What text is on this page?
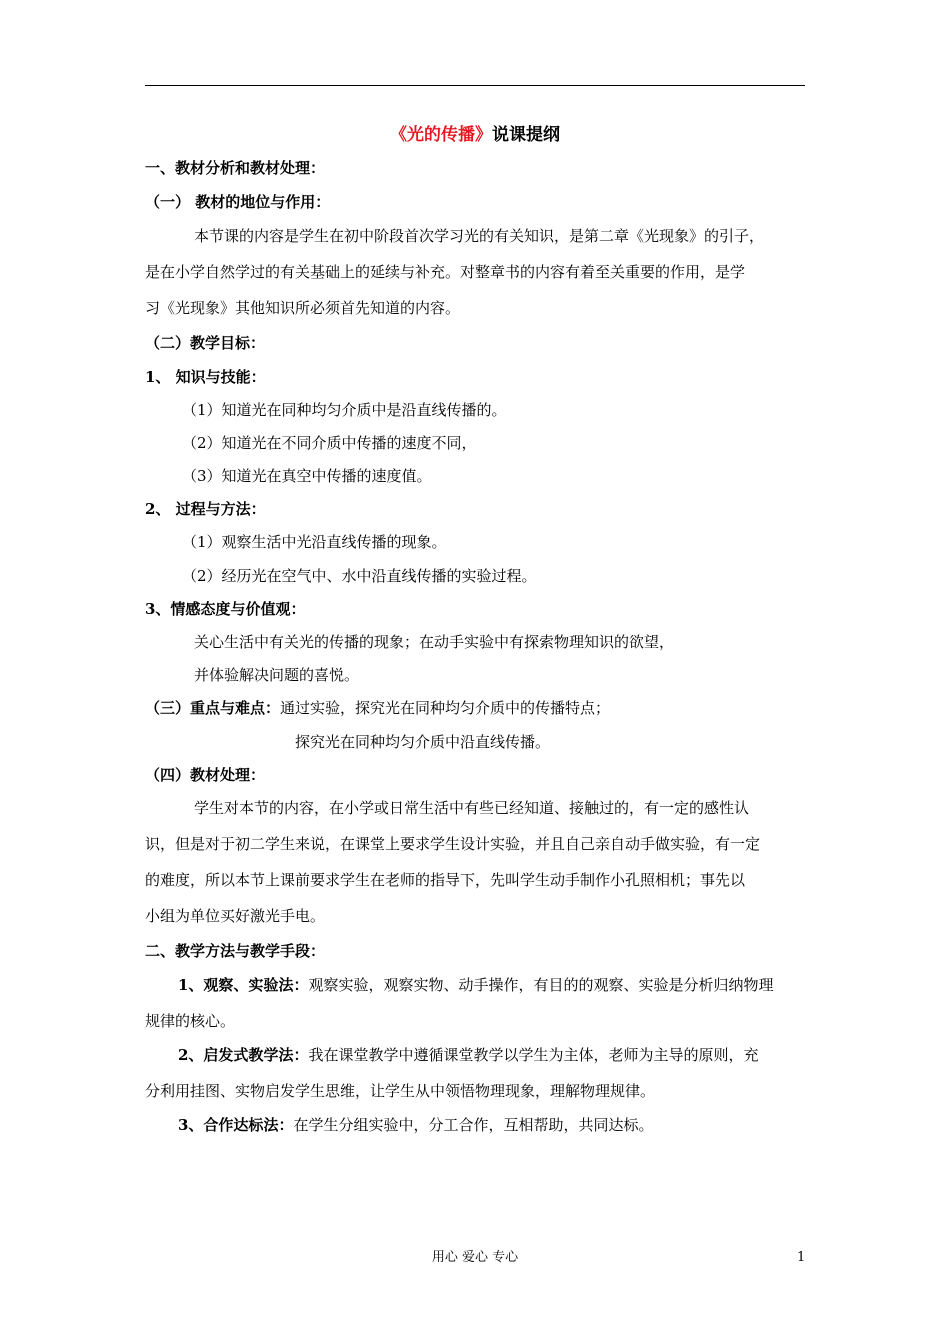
《光的传播》说课提纲
一、教材分析和教材处理：
（一） 教材的地位与作用：
本节课的内容是学生在初中阶段首次学习光的有关知识，是第二章《光现象》的引子，
是在小学自然学过的有关基础上的延续与补充。对整章书的内容有着至关重要的作用，是学
习《光现象》其他知识所必须首先知道的内容。
（二）教学目标：
1、 知识与技能：
（1）知道光在同种均匀介质中是沿直线传播的。
（2）知道光在不同介质中传播的速度不同，
（3）知道光在真空中传播的速度值。
2、 过程与方法：
（1）观察生活中光沿直线传播的现象。
（2）经历光在空气中、水中沿直线传播的实验过程。
3、情感态度与价值观：
关心生活中有关光的传播的现象；在动手实验中有探索物理知识的欲望，
并体验解决问题的喜悦。
（三）重点与难点：通过实验，探究光在同种均匀介质中的传播特点；
探究光在同种均匀介质中沿直线传播。
（四）教材处理：
学生对本节的内容，在小学或日常生活中有些已经知道、接触过的，有一定的感性认
识，但是对于初二学生来说，在课堂上要求学生设计实验，并且自己亲自动手做实验，有一定
的难度，所以本节上课前要求学生在老师的指导下，先叫学生动手制作小孔照相机；事先以
小组为单位买好激光手电。
二、教学方法与教学手段：
1、观察、实验法：观察实验，观察实物、动手操作，有目的的观察、实验是分析归纳物理
规律的核心。
2、启发式教学法：我在课堂教学中遵循课堂教学以学生为主体，老师为主导的原则，充
分利用挂图、实物启发学生思维，让学生从中领悟物理现象，理解物理规律。
3、合作达标法：在学生分组实验中，分工合作，互相帮助，共同达标。
用心 爱心 专心	1
